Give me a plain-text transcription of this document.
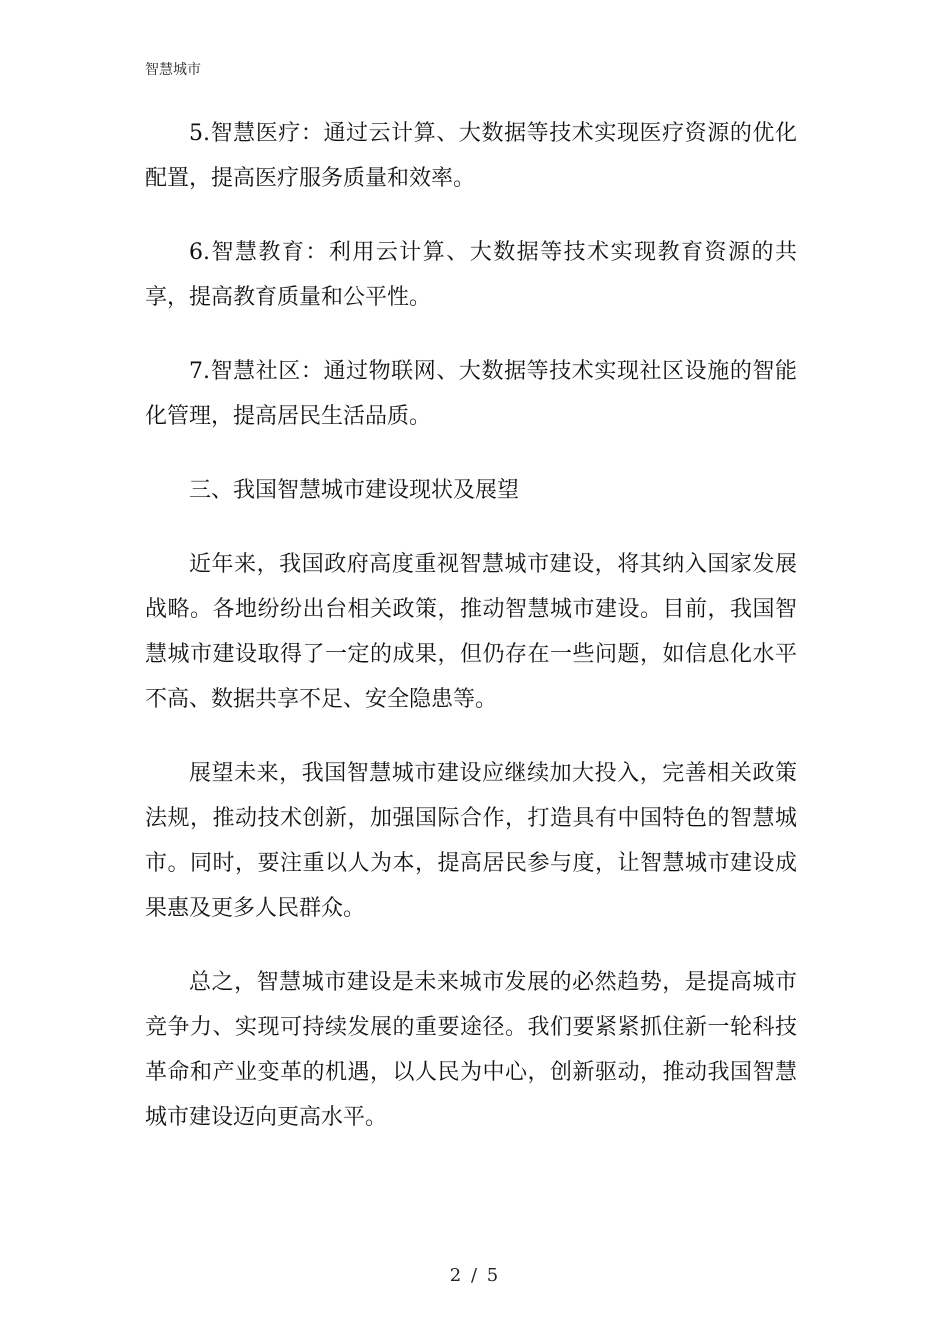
智慧城市

5.智慧医疗：通过云计算、大数据等技术实现医疗资源的优化配置，提高医疗服务质量和效率。

6.智慧教育：利用云计算、大数据等技术实现教育资源的共享，提高教育质量和公平性。

7.智慧社区：通过物联网、大数据等技术实现社区设施的智能化管理，提高居民生活品质。

三、我国智慧城市建设现状及展望

近年来，我国政府高度重视智慧城市建设，将其纳入国家发展战略。各地纷纷出台相关政策，推动智慧城市建设。目前，我国智慧城市建设取得了一定的成果，但仍存在一些问题，如信息化水平不高、数据共享不足、安全隐患等。

展望未来，我国智慧城市建设应继续加大投入，完善相关政策法规，推动技术创新，加强国际合作，打造具有中国特色的智慧城市。同时，要注重以人为本，提高居民参与度，让智慧城市建设成果惠及更多人民群众。

总之，智慧城市建设是未来城市发展的必然趋势，是提高城市竞争力、实现可持续发展的重要途径。我们要紧紧抓住新一轮科技革命和产业变革的机遇，以人民为中心，创新驱动，推动我国智慧城市建设迈向更高水平。

2 / 5
